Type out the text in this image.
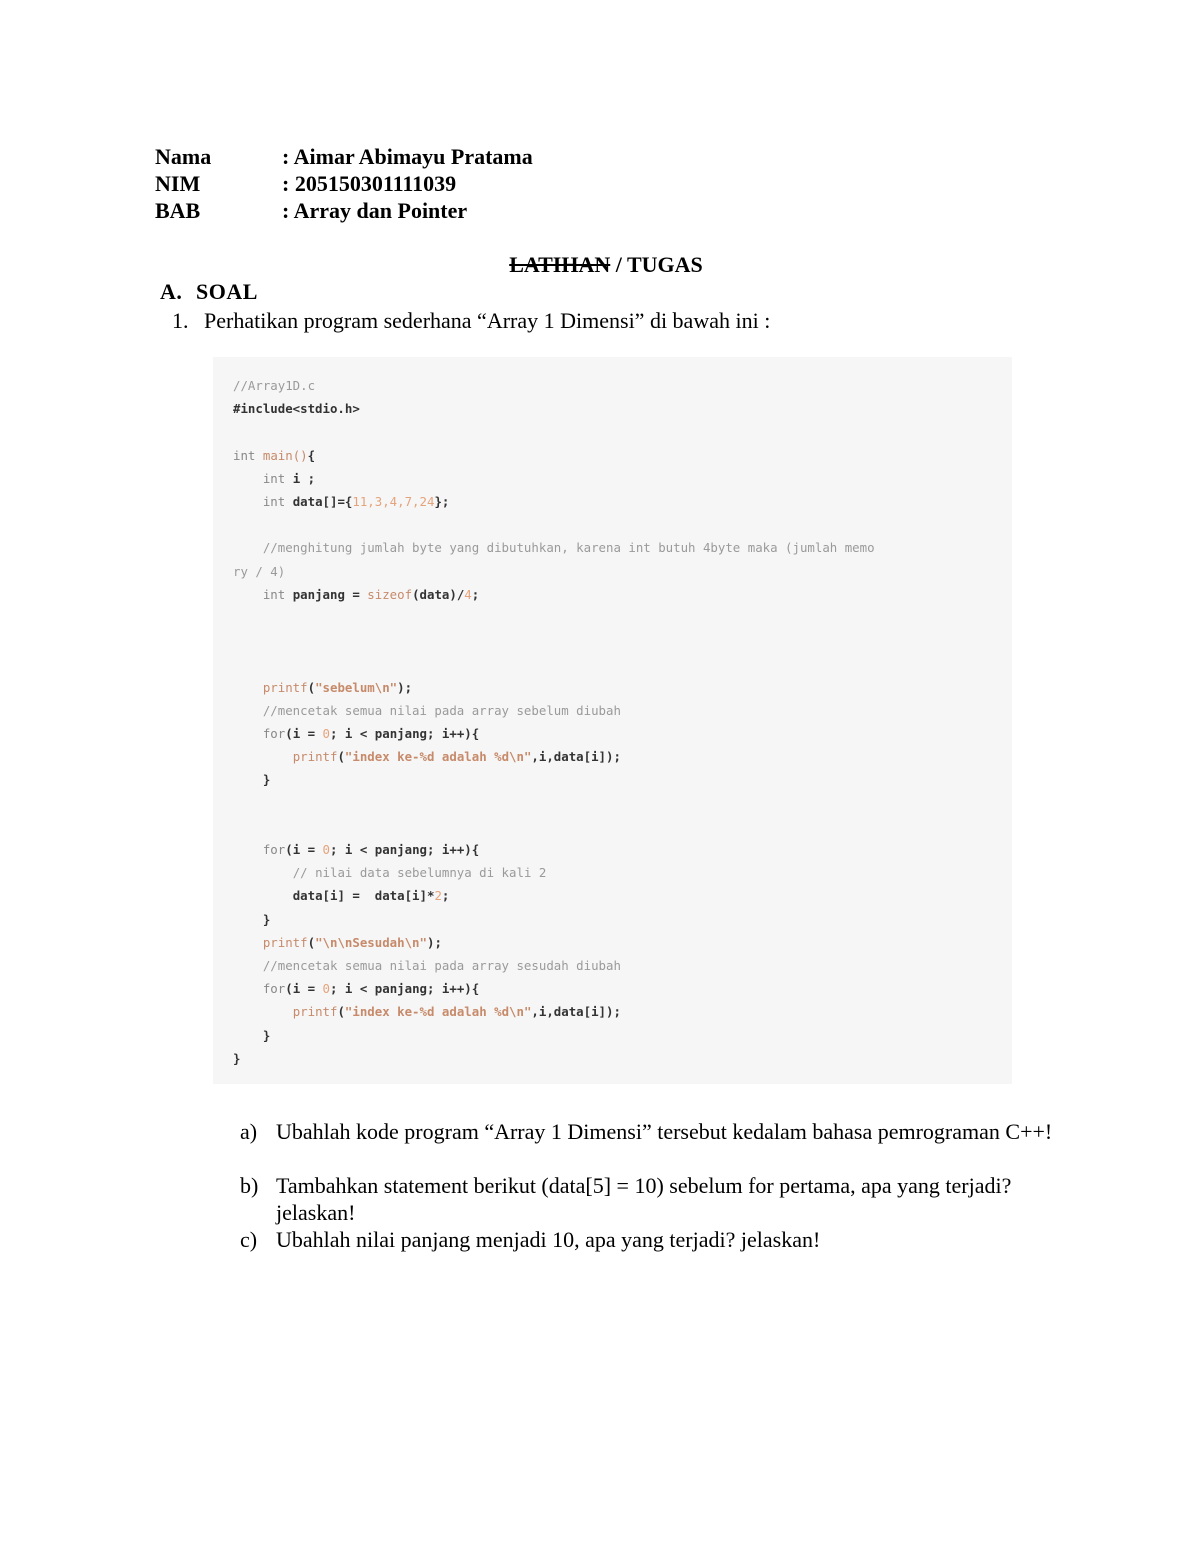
Nama	: Aimar Abimayu Pratama
NIM	: 205150301111039
BAB	: Array dan Pointer
LATIHAN / TUGAS
A. SOAL
1. Perhatikan program sederhana “Array 1 Dimensi” di bawah ini :
//Array1D.c
#include<stdio.h>

int main(){
int i ;
int data[]={11,3,4,7,24};

//menghitung jumlah byte yang dibutuhkan, karena int butuh 4byte maka (jumlah memo
ry / 4)
int panjang = sizeof(data)/4;

printf("sebelum\n");
//mencetak semua nilai pada array sebelum diubah
for(i = 0; i < panjang; i++){
printf("index ke-%d adalah %d\n",i,data[i]);
}

for(i = 0; i < panjang; i++){
// nilai data sebelumnya di kali 2
data[i] =  data[i]*2;
}
printf("\n\nSesudah\n");
//mencetak semua nilai pada array sesudah diubah
for(i = 0; i < panjang; i++){
printf("index ke-%d adalah %d\n",i,data[i]);
}
}
a) Ubahlah kode program “Array 1 Dimensi” tersebut kedalam bahasa pemrograman C++!
b) Tambahkan statement berikut (data[5] = 10) sebelum for pertama, apa yang terjadi? jelaskan!
c) Ubahlah nilai panjang menjadi 10, apa yang terjadi? jelaskan!
